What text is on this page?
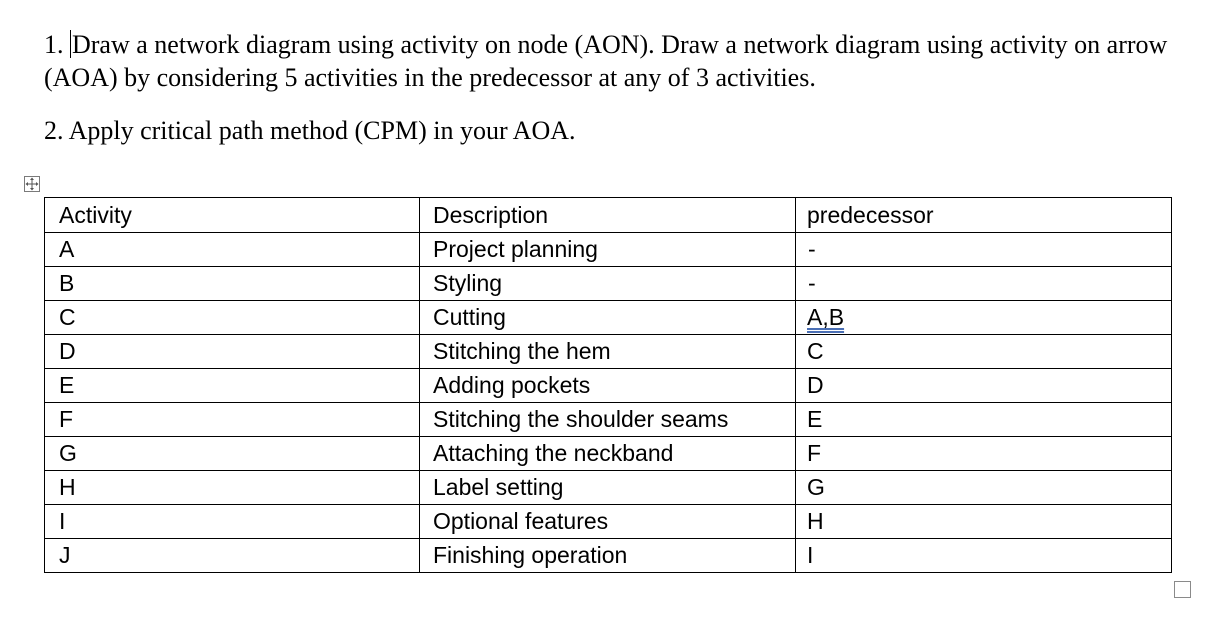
1. Draw a network diagram using activity on node (AON). Draw a network diagram using activity on arrow (AOA) by considering 5 activities in the predecessor at any of 3 activities.

2. Apply critical path method (CPM) in your AOA.

Activity	Description	predecessor
A	Project planning	-
B	Styling	-
C	Cutting	A,B
D	Stitching the hem	C
E	Adding pockets	D
F	Stitching the shoulder seams	E
G	Attaching the neckband	F
H	Label setting	G
I	Optional features	H
J	Finishing operation	I
